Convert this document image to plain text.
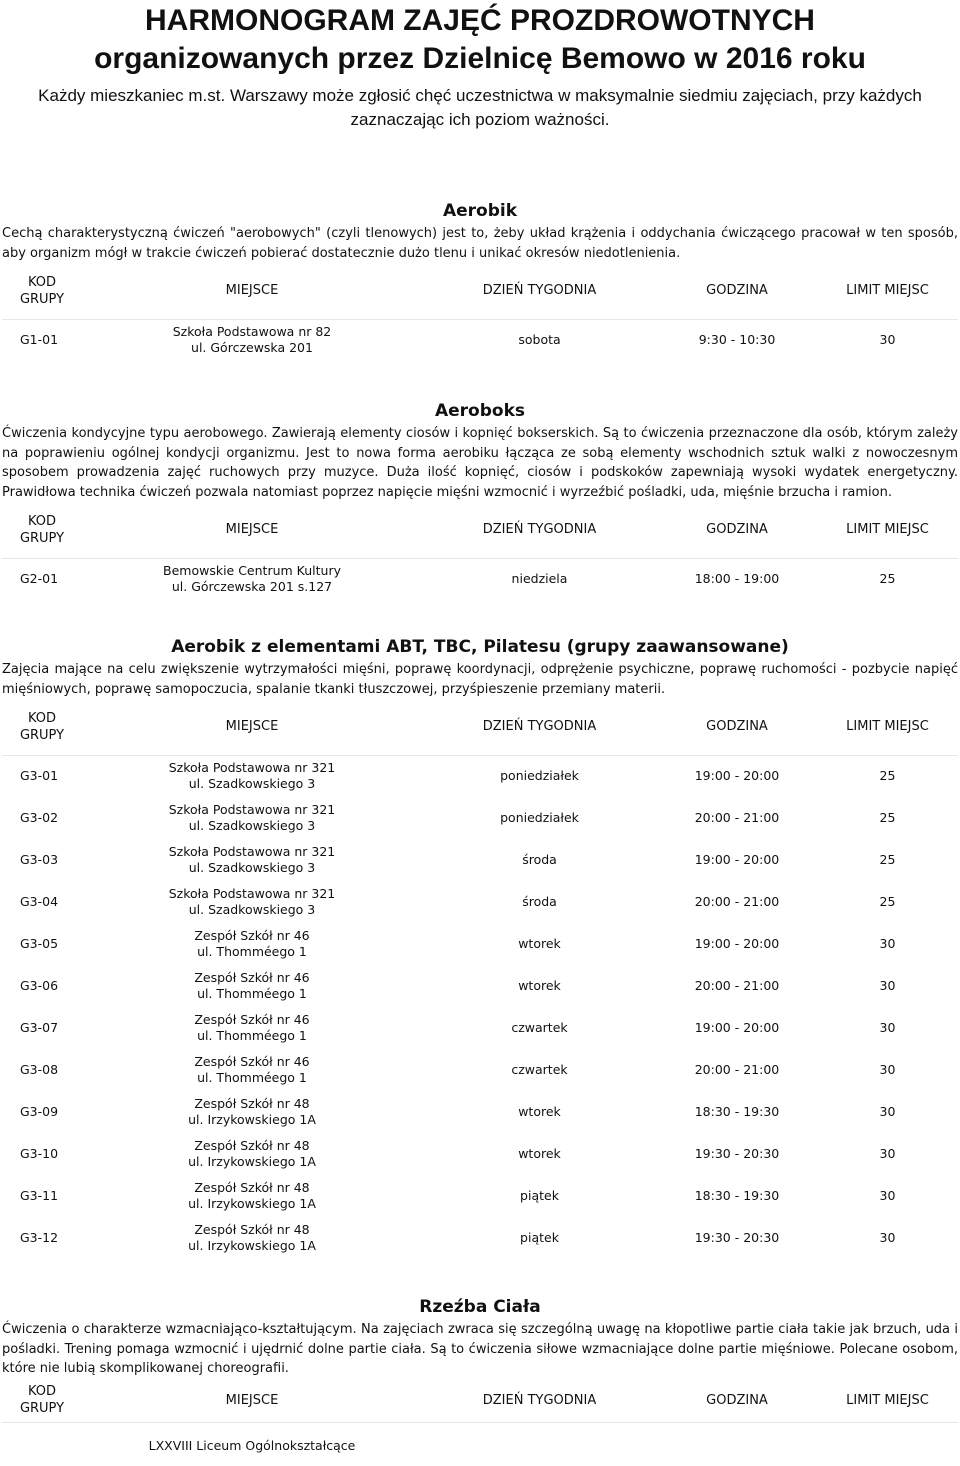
HARMONOGRAM ZAJĘĆ PROZDROWOTNYCH
organizowanych przez Dzielnicę Bemowo w 2016 roku

Każdy mieszkaniec m.st. Warszawy może zgłosić chęć uczestnictwa w maksymalnie siedmiu zajęciach, przy każdych
zaznaczając ich poziom ważności.

Aerobik

Cechą charakterystyczną ćwiczeń "aerobowych" (czyli tlenowych) jest to, żeby układ krążenia i oddychania ćwiczącego pracował w ten sposób, aby organizm mógł w trakcie ćwiczeń pobierać dostatecznie dużo tlenu i unikać okresów niedotlenienia.

KOD
GRUPY	MIEJSCE	DZIEŃ TYGODNIA	GODZINA	LIMIT MIEJSC
G1-01	Szkoła Podstawowa nr 82
ul. Górczewska 201	sobota	9:30 - 10:30	30
Aeroboks

Ćwiczenia kondycyjne typu aerobowego. Zawierają elementy ciosów i kopnięć bokserskich. Są to ćwiczenia przeznaczone dla osób, którym zależy na poprawieniu ogólnej kondycji organizmu. Jest to nowa forma aerobiku łącząca ze sobą elementy wschodnich sztuk walki z nowoczesnym sposobem prowadzenia zajęć ruchowych przy muzyce. Duża ilość kopnięć, ciosów i podskoków zapewniają wysoki wydatek energetyczny. Prawidłowa technika ćwiczeń pozwala natomiast poprzez napięcie mięśni wzmocnić i wyrzeźbić pośladki, uda, mięśnie brzucha i ramion.

KOD
GRUPY	MIEJSCE	DZIEŃ TYGODNIA	GODZINA	LIMIT MIEJSC
G2-01	Bemowskie Centrum Kultury
ul. Górczewska 201 s.127	niedziela	18:00 - 19:00	25
Aerobik z elementami ABT, TBC, Pilatesu (grupy zaawansowane)

Zajęcia mające na celu zwiększenie wytrzymałości mięśni, poprawę koordynacji, odprężenie psychiczne, poprawę ruchomości - pozbycie napięć mięśniowych, poprawę samopoczucia, spalanie tkanki tłuszczowej, przyśpieszenie przemiany materii.

KOD
GRUPY	MIEJSCE	DZIEŃ TYGODNIA	GODZINA	LIMIT MIEJSC
G3-01	Szkoła Podstawowa nr 321
ul. Szadkowskiego 3	poniedziałek	19:00 - 20:00	25
G3-02	Szkoła Podstawowa nr 321
ul. Szadkowskiego 3	poniedziałek	20:00 - 21:00	25
G3-03	Szkoła Podstawowa nr 321
ul. Szadkowskiego 3	środa	19:00 - 20:00	25
G3-04	Szkoła Podstawowa nr 321
ul. Szadkowskiego 3	środa	20:00 - 21:00	25
G3-05	Zespół Szkół nr 46
ul. Thomméego 1	wtorek	19:00 - 20:00	30
G3-06	Zespół Szkół nr 46
ul. Thomméego 1	wtorek	20:00 - 21:00	30
G3-07	Zespół Szkół nr 46
ul. Thomméego 1	czwartek	19:00 - 20:00	30
G3-08	Zespół Szkół nr 46
ul. Thomméego 1	czwartek	20:00 - 21:00	30
G3-09	Zespół Szkół nr 48
ul. Irzykowskiego 1A	wtorek	18:30 - 19:30	30
G3-10	Zespół Szkół nr 48
ul. Irzykowskiego 1A	wtorek	19:30 - 20:30	30
G3-11	Zespół Szkół nr 48
ul. Irzykowskiego 1A	piątek	18:30 - 19:30	30
G3-12	Zespół Szkół nr 48
ul. Irzykowskiego 1A	piątek	19:30 - 20:30	30
Rzeźba Ciała

Ćwiczenia o charakterze wzmacniająco-kształtującym. Na zajęciach zwraca się szczególną uwagę na kłopotliwe partie ciała takie jak brzuch, uda i pośladki. Trening pomaga wzmocnić i ujędrnić dolne partie ciała. Są to ćwiczenia siłowe wzmacniające dolne partie mięśniowe. Polecane osobom, które nie lubią skomplikowanej choreografii.

KOD
GRUPY	MIEJSCE	DZIEŃ TYGODNIA	GODZINA	LIMIT MIEJSC

	LXXVIII Liceum Ogólnokształcące			
